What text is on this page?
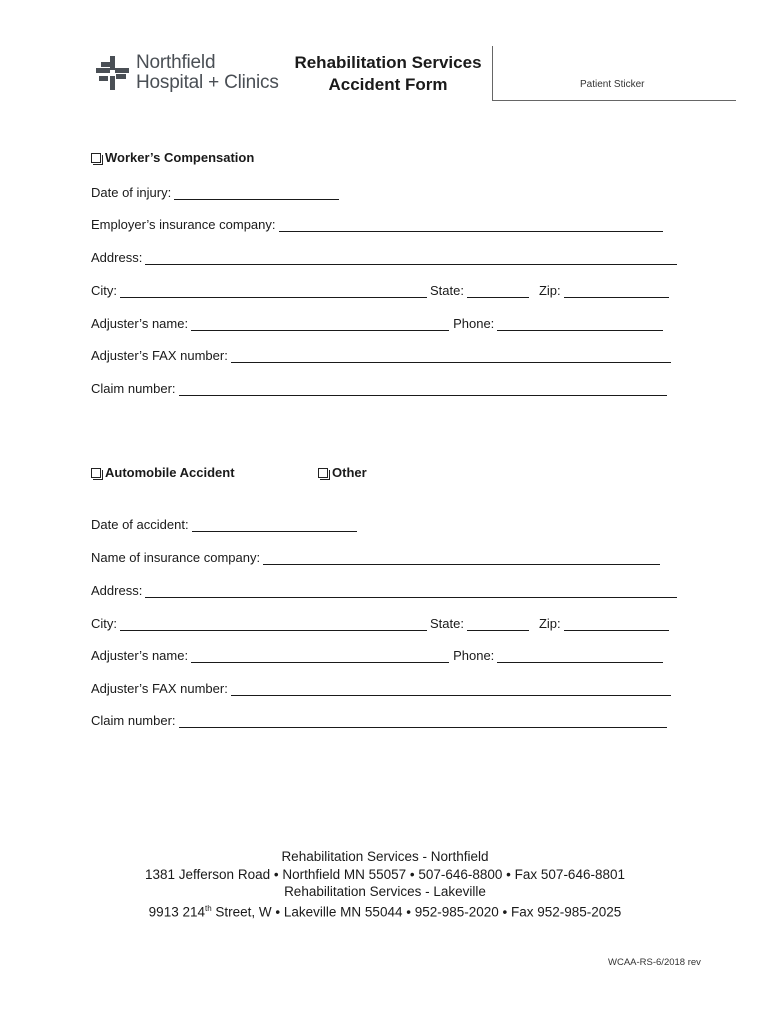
Northfield
Hospital + Clinics
Rehabilitation Services
Accident Form	Patient Sticker
Worker’s Compensation
Date of injury:
Employer’s insurance company:
Address:
City:	State:	Zip:
Adjuster’s name:	Phone:
Adjuster’s FAX number:
Claim number:
Automobile Accident	Other
Date of accident:
Name of insurance company:
Address:
City:	State:	Zip:
Adjuster’s name:	Phone:
Adjuster’s FAX number:
Claim number:
Rehabilitation Services - Northfield
1381 Jefferson Road • Northfield MN 55057 • 507-646-8800 • Fax 507-646-8801
Rehabilitation Services - Lakeville
9913 214th Street, W • Lakeville MN 55044 • 952-985-2020 • Fax 952-985-2025
WCAA-RS-6/2018 rev
